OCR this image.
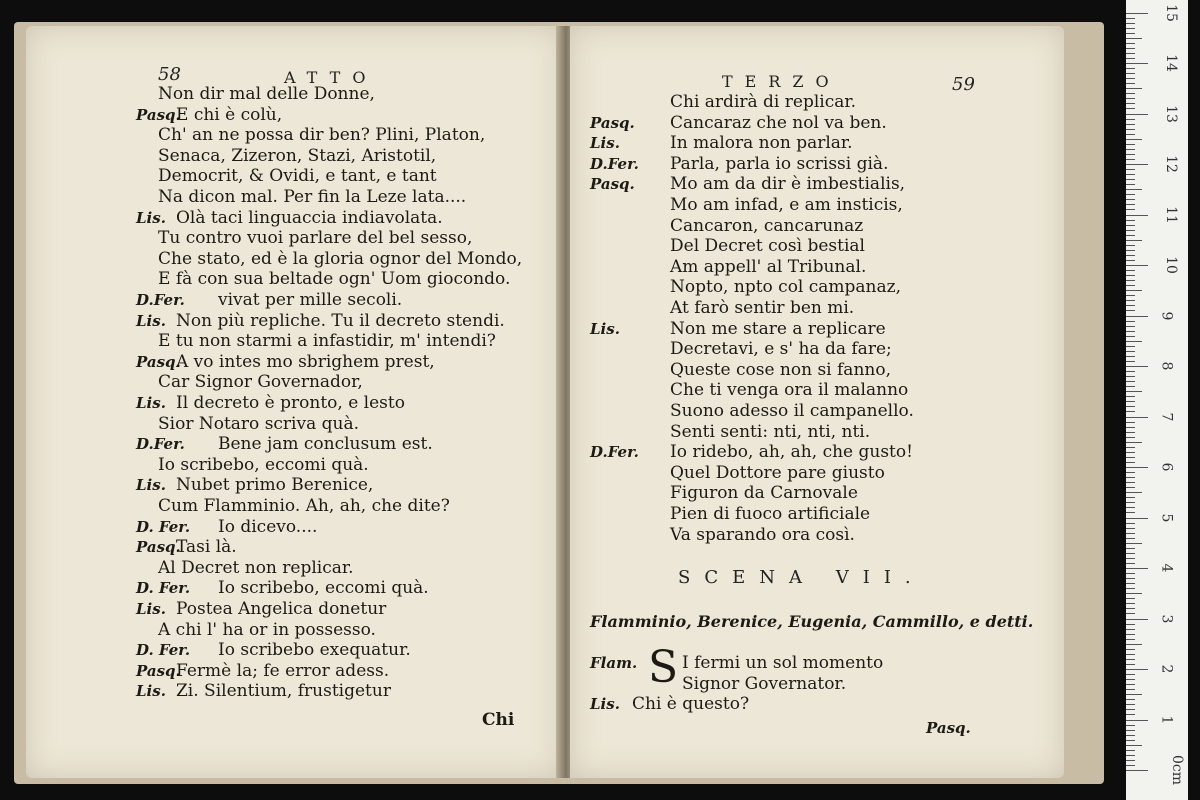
58	ATTO
Non dir mal delle Donne,
Pasq.
E chi è colù,
Ch' an ne possa dir ben? Plini, Platon,
Senaca, Zizeron, Stazi, Aristotil,
Democrit, & Ovidi, e tant, e tant
Na dicon mal. Per fin la Leze lata....
Lis. Olà taci linguaccia indiavolata.
Tu contro vuoi parlare del bel sesso,
Che stato, ed è la gloria ognor del Mondo,
E fà con sua beltade ogn' Uom giocondo.
D.Fer. vivat per mille secoli.
Lis. Non più repliche. Tu il decreto stendi.
E tu non starmi a infastidir, m' intendi?
Pasq.
A vo intes mo sbrighem prest,
Car Signor Governador,
Lis. Il decreto è pronto, e lesto
Sior Notaro scriva quà.
D.Fer. Bene jam conclusum est.
Io scribebo, eccomi quà.
Lis. Nubet primo Berenice,
Cum Flamminio. Ah, ah, che dite?
D. Fer. Io dicevo....
Pasq.
Tasi là.
Al Decret non replicar.
D. Fer. Io scribebo, eccomi quà.
Lis. Postea Angelica donetur
A chi l' ha or in possesso.
D. Fer. Io scribebo exequatur.
Pasq.
Fermè la; fe error adess.
Lis. Zi. Silentium, frustigetur
Chi
TERZO	59
Chi ardirà di replicar.
Pasq. Cancaraz che nol va ben.
Lis.	In malora non parlar.
D.Fer. Parla, parla io scrissi già.
Pasq. Mo am da dir è imbestialis,
Mo am infad, e am insticis,
Cancaron, cancarunaz
Del Decret così bestial
Am appell' al Tribunal.
Nopto, npto col campanaz,
At farò sentir ben mi.
Lis.	Non me stare a replicare
Decretavi, e s' ha da fare;
Queste cose non si fanno,
Che ti venga ora il malanno
Suono adesso il campanello.
Senti senti: nti, nti, nti.
D.Fer. Io ridebo, ah, ah, che gusto!
Quel Dottore pare giusto
Figuron da Carnovale
Pien di fuoco artificiale
Va sparando ora così.
SCENA VII.
Flamminio, Berenice, Eugenia, Cammillo, e detti.
Flam. S I fermi un sol momento
Signor Governator.
Lis. Chi è questo?
Pasq.
0cm
1
2
3
4
5
6
7
8
9
10
11
12
13
14
15
